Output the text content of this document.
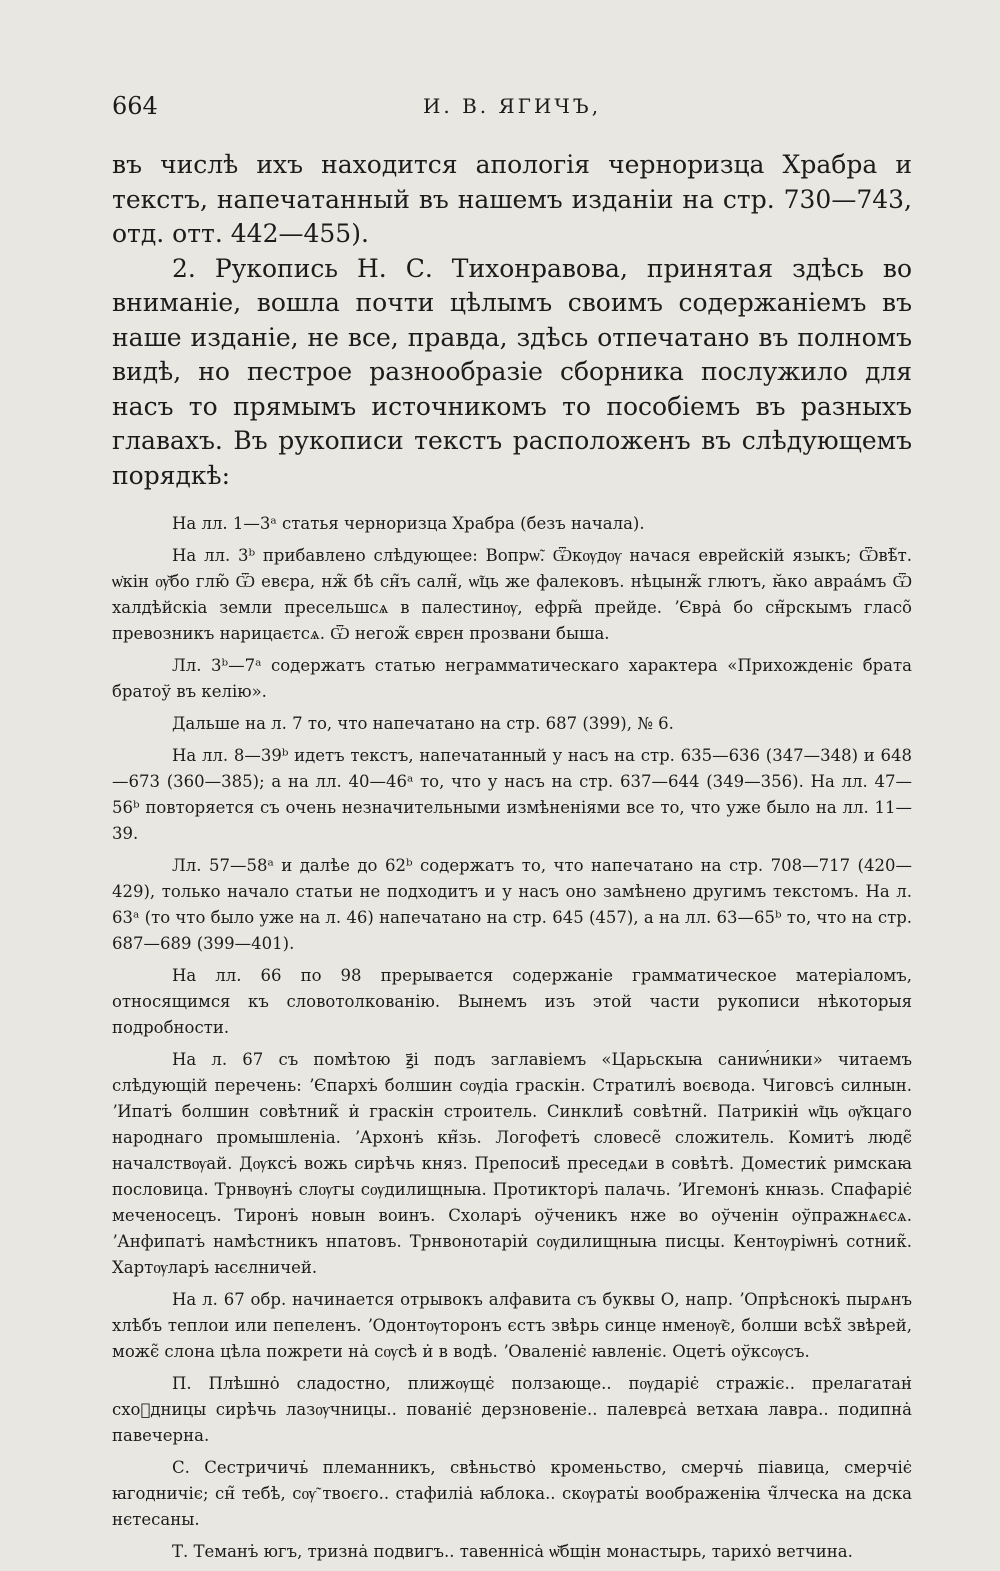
664	И. В. ЯГИЧЪ,

въ числѣ ихъ находится апологія черноризца Храбра и текстъ, напечатанный въ нашемъ изданіи на стр. 730—743, отд. отт. 442—455).

2. Рукопись Н. С. Тихонравова, принятая здѣсь во вниманіе, вошла почти цѣлымъ своимъ содержаніемъ въ наше изданіе, не все, правда, здѣсь отпечатано въ полномъ видѣ, но пестрое разнообразіе сборника послужило для насъ то прямымъ источникомъ то пособіемъ въ разныхъ главахъ. Въ рукописи текстъ расположенъ въ слѣдующемъ порядкѣ:

На лл. 1—3ᵃ статья черноризца Храбра (безъ начала).

На лл. 3ᵇ прибавлено слѣдующее: Вопрѡ̃. Ѿкѹдѹ начася еврейскій языкъ; Ѿвѣ̃т. ѡ̇кін ѹ̆бо глю̃ Ѿ евєра, нж̃ бѣ сн̃ъ салн̃, ѡ̃ць же фалековъ. нѣцынж̃ глютъ, ꙗ̆ко авраа́мъ Ѿ халдѣйскіа земли пресельшсѧ в палестинѹ, ефрꙗ̃ прейде. ʼЄвра̇ бо сн̃рскымъ гласо̃ превозникъ нарицаєтсѧ. Ѿ негож̃ єврєн прозвани быша.

Лл. 3ᵇ—7ᵃ содержатъ статью неграмматическаго характера «Прихожденіє брата братоў въ келію».

Дальше на л. 7 то, что напечатано на стр. 687 (399), № 6.

На лл. 8—39ᵇ идетъ текстъ, напечатанный у насъ на стр. 635—636 (347—348) и 648—673 (360—385); а на лл. 40—46ᵃ то, что у насъ на стр. 637—644 (349—356). На лл. 47—56ᵇ повторяется съ очень незначительными измѣненіями все то, что уже было на лл. 11—39.

Лл. 57—58ᵃ и далѣе до 62ᵇ содержатъ то, что напечатано на стр. 708—717 (420—429), только начало статьи не подходитъ и у насъ оно замѣнено другимъ текстомъ. На л. 63ᵃ (то что было уже на л. 46) напечатано на стр. 645 (457), а на лл. 63—65ᵇ то, что на стр. 687—689 (399—401).

На лл. 66 по 98 прерывается содержаніе грамматическое матеріаломъ, относящимся къ словотолкованію. Вынемъ изъ этой части рукописи нѣкоторыя подробности.

На л. 67 съ помѣтою ꙃ҃і подъ заглавіемъ «Царьскыꙗ саниѡ́ники» читаемъ слѣдующій перечень: ʼЄпархъ̇ болшин сѹдіа граскін. Стратилъ̇ воєвода. Чиговсъ̇ силнын. ʼИпатъ̇ болшин совѣтник̃ и̇ граскін строитель. Синклиѣ̇ совѣтни̃. Патрикін̇ ѡ̃ць ѹ̆кцаго народнаго промышленіа. ʼАрхонъ̇ кн̃зь. Логофетъ̇ словесе̃ сложитель. Комитъ̇ людє̃ началствѹай. Дѹксъ̇ вожь сирѣчь княз. Препосиѣ̇ преседѧи в совѣтѣ. Доместик̇ римскаꙗ пословица. Трнвѹнъ̇ слѹгы сѹдилищныꙗ. Протикторъ̇ палачь. ʼИгемонъ̇ кнꙗзь. Спафаріє̇ меченосецъ. Тиронъ̇ новын воинъ. Схоларъ̇ оўченикъ нже во оўченін оўпражнѧєсѧ. ʼАнфипатъ̇ намѣстникъ нпатовъ. Трнвонотаріи̇ сѹдилищныꙗ писцы. Кентѹріѡнъ̇ сотник̃. Хартѹларъ̇ ꙗсєлничей.

На л. 67 обр. начинается отрывокъ алфавита съ буквы О, напр. ʼОпрѣснокъ̇ пырѧнъ хлѣбъ теплои или пепеленъ. ʼОдонтѹторонъ єстъ звѣрь синце нменѹ̃є, болши всѣх̃ звѣрей, можє̃ слона цѣла пожрети на̇ сѹсѣ и̇ в водѣ. ʼОваленіє̇ ꙗвленіє. Оцетъ̇ оўксѹсъ.

П. Плѣшно̇ сладостно, плижѹщє̇ ползающе.. пѹдаріє̇ стражіє.. прелагатан̇ схоⷣдницы сирѣчь лазѹчницы.. пованіє̇ дерзновеніе.. палеврєа̇ ветхаꙗ лавра.. подипна̇ павечерна.

С. Сестричичь̇ племанникъ, свѣньство̇ кроменьство, смерчь̇ піавица, смерчіє̇ ꙗгодничіє; сн̃ тебѣ, сѹ̃ твоєго.. стафиліа̇ ꙗблока.. скѹраты̇ воображеніꙗ ч̃лческа на дска нєтесаны.

Т. Теманъ̇ югъ, тризна̇ подвигъ.. тавенніса̇ ѡ̆бщін монастырь, тарихо̇ ветчина.
